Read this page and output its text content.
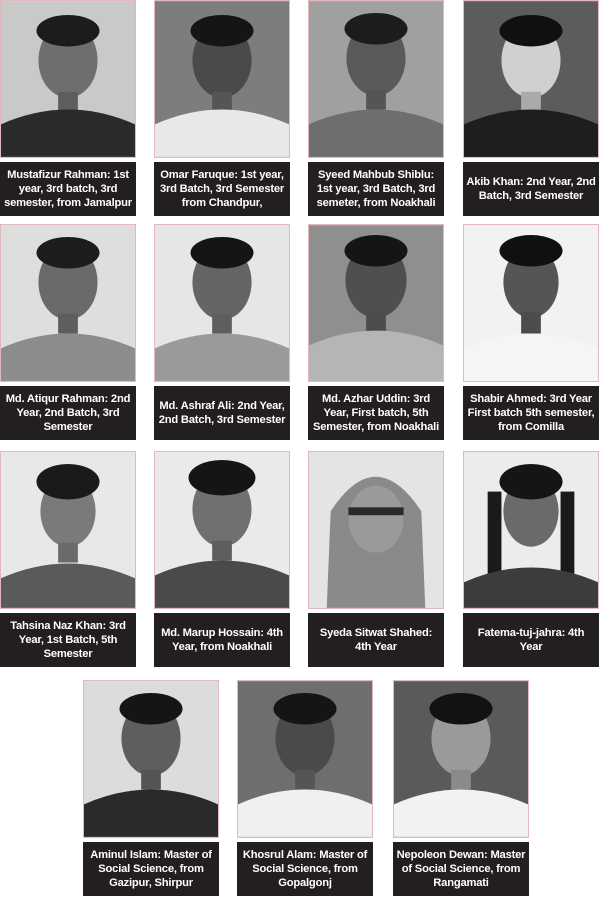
Mustafizur Rahman: 1st year, 3rd batch, 3rd semester, from Jamalpur
Omar Faruque: 1st year, 3rd Batch, 3rd Semester from Chandpur,
Syeed Mahbub Shiblu: 1st year, 3rd Batch, 3rd semeter, from Noakhali
Akib Khan: 2nd Year, 2nd Batch, 3rd Semester
Md. Atiqur Rahman: 2nd Year, 2nd Batch, 3rd Semester
Md. Ashraf Ali: 2nd Year, 2nd Batch, 3rd Semester
Md. Azhar Uddin: 3rd Year, First batch, 5th Semester, from Noakhali
Shabir Ahmed: 3rd Year First batch 5th semester, from Comilla
Tahsina Naz Khan: 3rd Year, 1st Batch, 5th Semester
Md. Marup Hossain: 4th Year, from Noakhali
Syeda Sitwat Shahed: 4th Year
Fatema-tuj-jahra: 4th Year
Aminul Islam: Master of Social Science, from Gazipur, Shirpur
Khosrul Alam: Master of Social Science, from Gopalgonj
Nepoleon Dewan: Master of Social Science, from Rangamati
